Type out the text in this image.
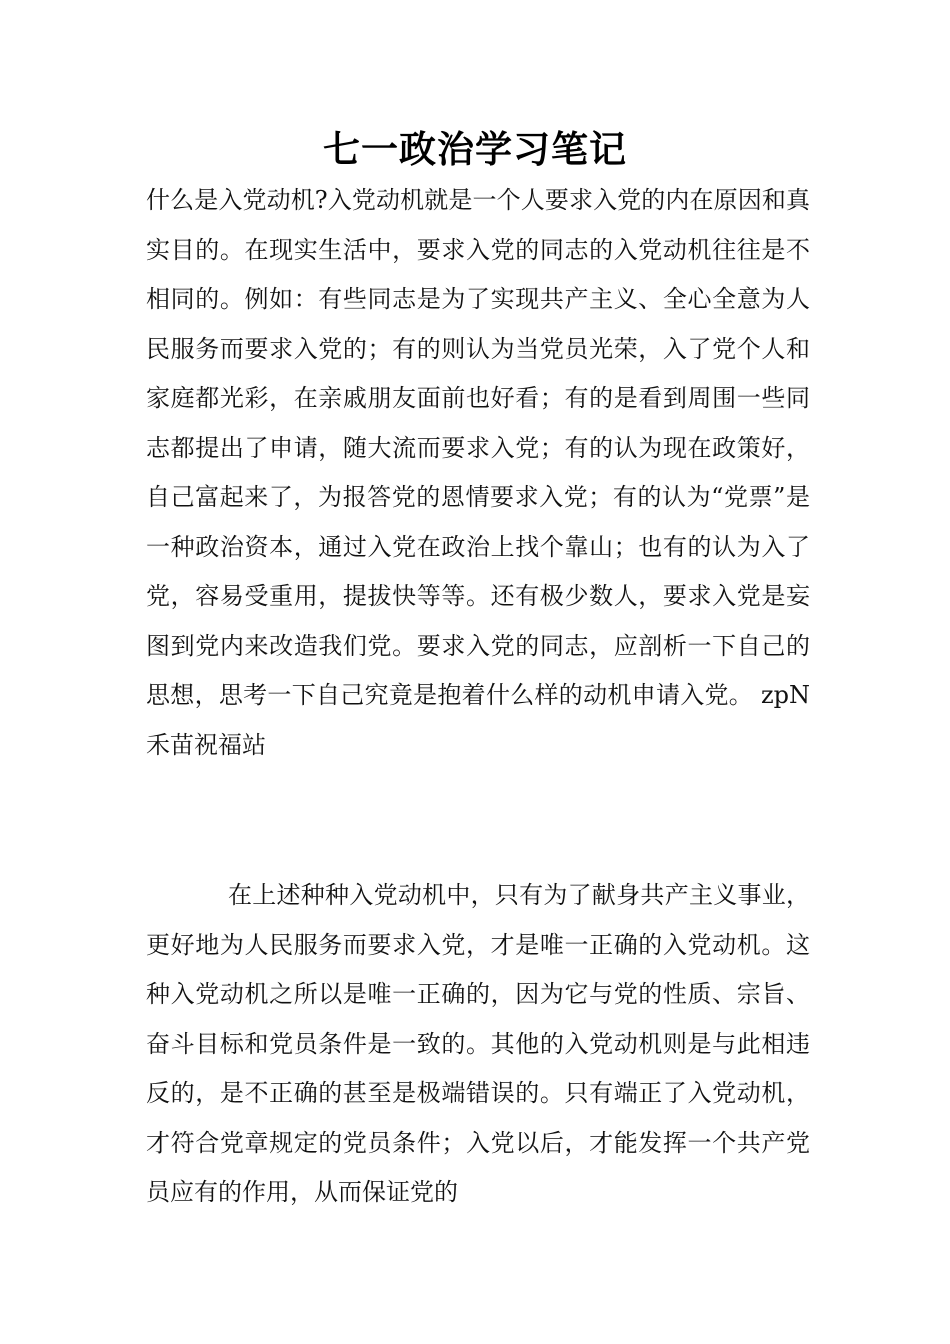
七一政治学习笔记

什么是入党动机?入党动机就是一个人要求入党的内在原因和真实目的。在现实生活中，要求入党的同志的入党动机往往是不相同的。例如：有些同志是为了实现共产主义、全心全意为人民服务而要求入党的；有的则认为当党员光荣，入了党个人和家庭都光彩，在亲戚朋友面前也好看；有的是看到周围一些同志都提出了申请，随大流而要求入党；有的认为现在政策好，自己富起来了，为报答党的恩情要求入党；有的认为“党票”是一种政治资本，通过入党在政治上找个靠山；也有的认为入了党，容易受重用，提拔快等等。还有极少数人，要求入党是妄图到党内来改造我们党。要求入党的同志，应剖析一下自己的思想，思考一下自己究竟是抱着什么样的动机申请入党。 zpN禾苗祝福站

在上述种种入党动机中，只有为了献身共产主义事业，更好地为人民服务而要求入党，才是唯一正确的入党动机。这种入党动机之所以是唯一正确的，因为它与党的性质、宗旨、奋斗目标和党员条件是一致的。其他的入党动机则是与此相违反的，是不正确的甚至是极端错误的。只有端正了入党动机，才符合党章规定的党员条件；入党以后，才能发挥一个共产党员应有的作用，从而保证党的
